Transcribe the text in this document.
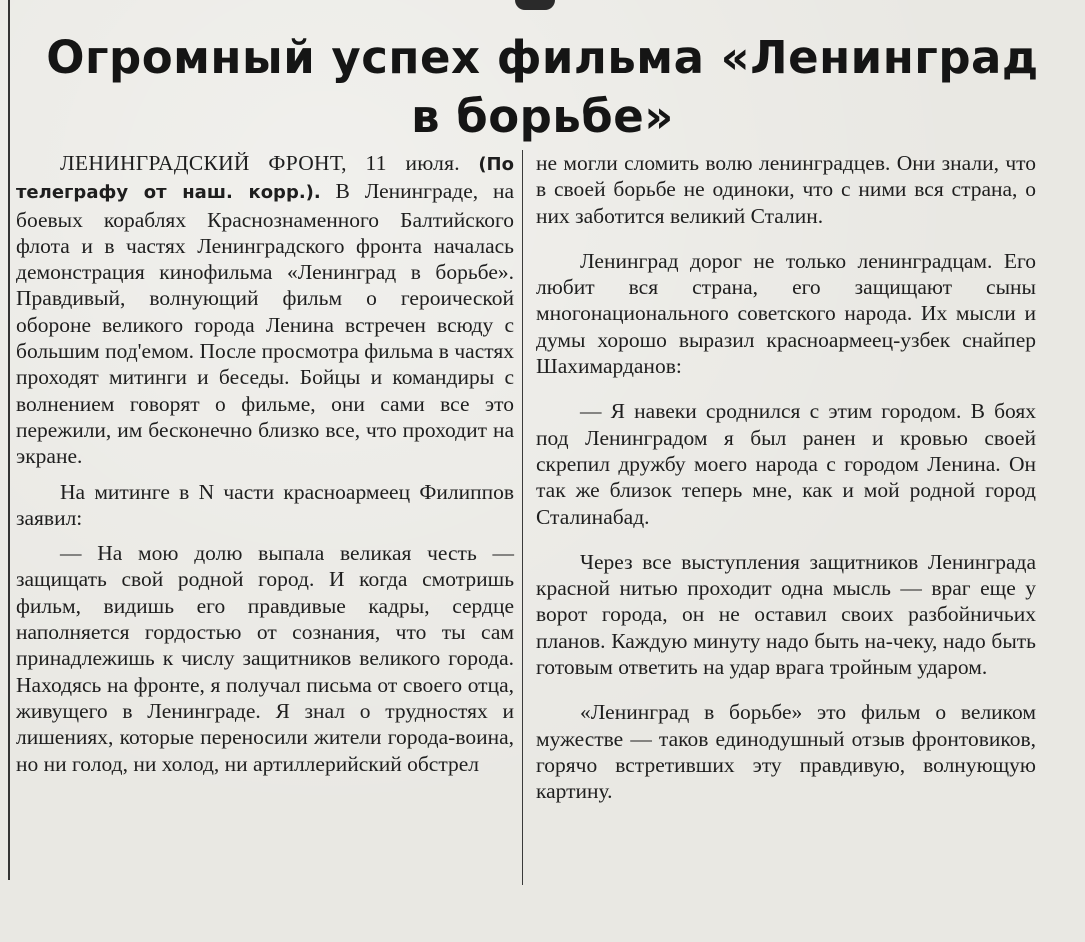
Огромный успех фильма «Ленинград
в борьбе»

ЛЕНИНГРАДСКИЙ ФРОНТ, 11 июля. (По телеграфу от наш. корр.). В Ленинграде, на боевых кораблях Краснознаменного Балтийского флота и в частях Ленинградского фронта началась демонстрация кинофильма «Ленинград в борьбе». Правдивый, волнующий фильм о героической обороне великого города Ленина встречен всюду с большим под'емом. После просмотра фильма в частях проходят митинги и беседы. Бойцы и командиры с волнением говорят о фильме, они сами все это пережили, им бесконечно близко все, что проходит на экране.

На митинге в N части красноармеец Филиппов заявил:

— На мою долю выпала великая честь — защищать свой родной город. И когда смотришь фильм, видишь его правдивые кадры, сердце наполняется гордостью от сознания, что ты сам принадлежишь к числу защитников великого города. Находясь на фронте, я получал письма от своего отца, живущего в Ленинграде. Я знал о трудностях и лишениях, которые переносили жители города-воина, но ни голод, ни холод, ни артиллерийский обстрел

не могли сломить волю ленинградцев. Они знали, что в своей борьбе не одиноки, что с ними вся страна, о них заботится великий Сталин.

Ленинград дорог не только ленинградцам. Его любит вся страна, его защищают сыны многонационального советского народа. Их мысли и думы хорошо выразил красноармеец-узбек снайпер Шахимарданов:

— Я навеки сроднился с этим городом. В боях под Ленинградом я был ранен и кровью своей скрепил дружбу моего народа с городом Ленина. Он так же близок теперь мне, как и мой родной город Сталинабад.

Через все выступления защитников Ленинграда красной нитью проходит одна мысль — враг еще у ворот города, он не оставил своих разбойничьих планов. Каждую минуту надо быть на-чеку, надо быть готовым ответить на удар врага тройным ударом.

«Ленинград в борьбе» это фильм о великом мужестве — таков единодушный отзыв фронтовиков, горячо встретивших эту правдивую, волнующую картину.
